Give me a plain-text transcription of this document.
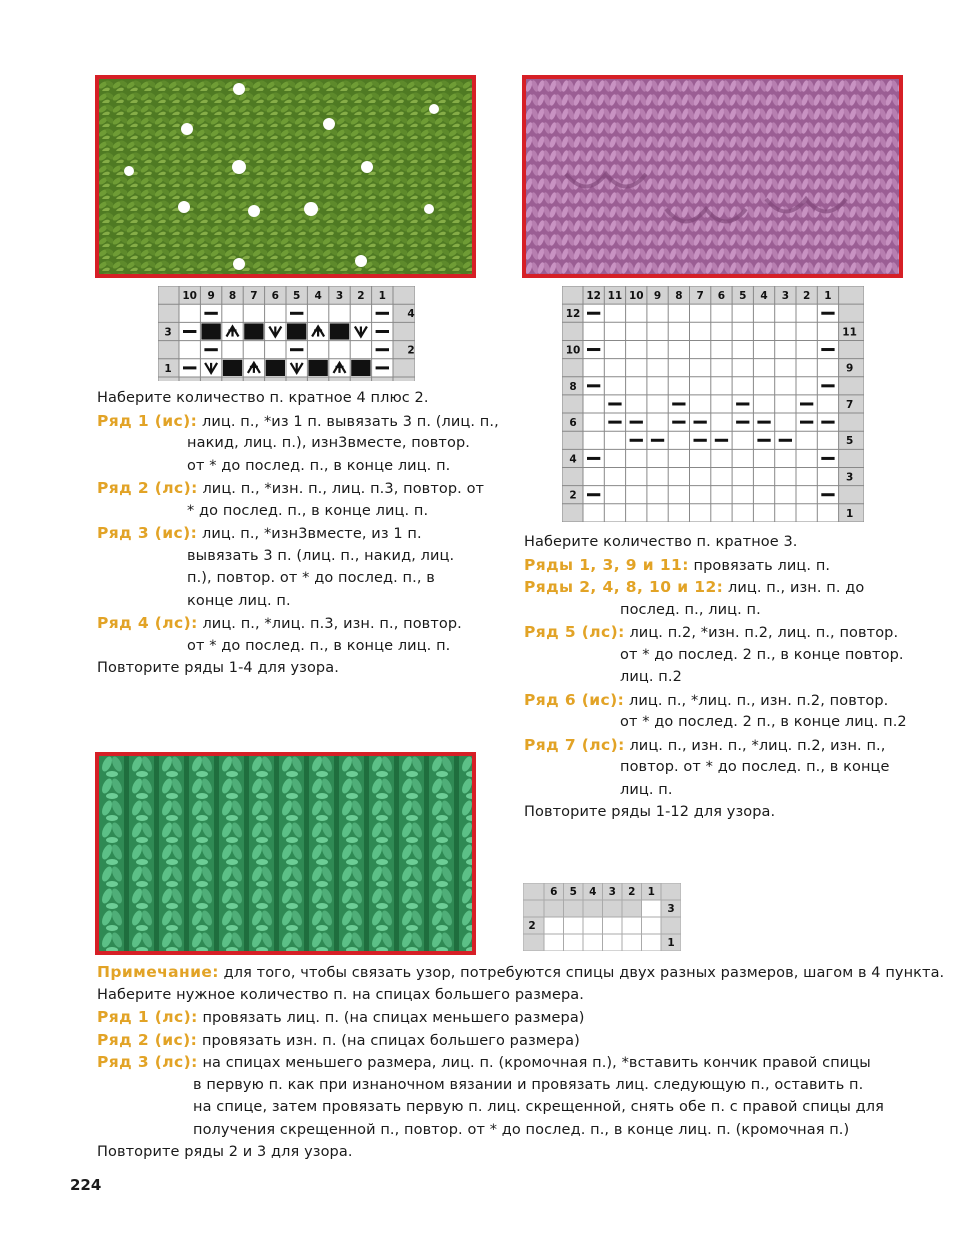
10 9 8 7 6 5 4 3 2 1
4
2
3
1
Наберите количество п. кратное 4 плюс 2.
Ряд 1 (ис): лиц. п., *из 1 п. вывязать 3 п. (лиц. п.,
накид, лиц. п.), изн3вместе, повтор.
от * до послед. п., в конце лиц. п.
Ряд 2 (лс): лиц. п., *изн. п., лиц. п.3, повтор. от
* до послед. п., в конце лиц. п.
Ряд 3 (ис): лиц. п., *изн3вместе, из 1 п.
вывязать 3 п. (лиц. п., накид, лиц.
п.), повтор. от * до послед. п., в
конце лиц. п.
Ряд 4 (лс): лиц. п., *лиц. п.3, изн. п., повтор.
от * до послед. п., в конце лиц. п.
Повторите ряды 1-4 для узора.
12 11 10 9 8 7 6 5 4 3 2 1
12
10
8
6
4
2
11
9
7
5
3
1
Наберите количество п. кратное 3.
Ряды 1, 3, 9 и 11: провязать лиц. п.
Ряды 2, 4, 8, 10 и 12: лиц. п., изн. п. до
послед. п., лиц. п.
Ряд 5 (лс): лиц. п.2, *изн. п.2, лиц. п., повтор.
от * до послед. 2 п., в конце повтор.
лиц. п.2
Ряд 6 (ис): лиц. п., *лиц. п., изн. п.2, повтор.
от * до послед. 2 п., в конце лиц. п.2
Ряд 7 (лс): лиц. п., изн. п., *лиц. п.2, изн. п.,
повтор. от * до послед. п., в конце
лиц. п.
Повторите ряды 1-12 для узора.
6 5 4 3 2 1
3
1
2
Примечание: для того, чтобы связать узор, потребуются спицы двух разных размеров, шагом в 4 пункта.
Наберите нужное количество п. на спицах большего размера.
Ряд 1 (лс): провязать лиц. п. (на спицах меньшего размера)
Ряд 2 (ис): провязать изн. п. (на спицах большего размера)
Ряд 3 (лс): на спицах меньшего размера, лиц. п. (кромочная п.), *вставить кончик правой спицы
в первую п. как при изнаночном вязании и провязать лиц. следующую п., оставить п.
на спице, затем провязать первую п. лиц. скрещенной, снять обе п. с правой спицы для
получения скрещенной п., повтор. от * до послед. п., в конце лиц. п. (кромочная п.)
Повторите ряды 2 и 3 для узора.
224
